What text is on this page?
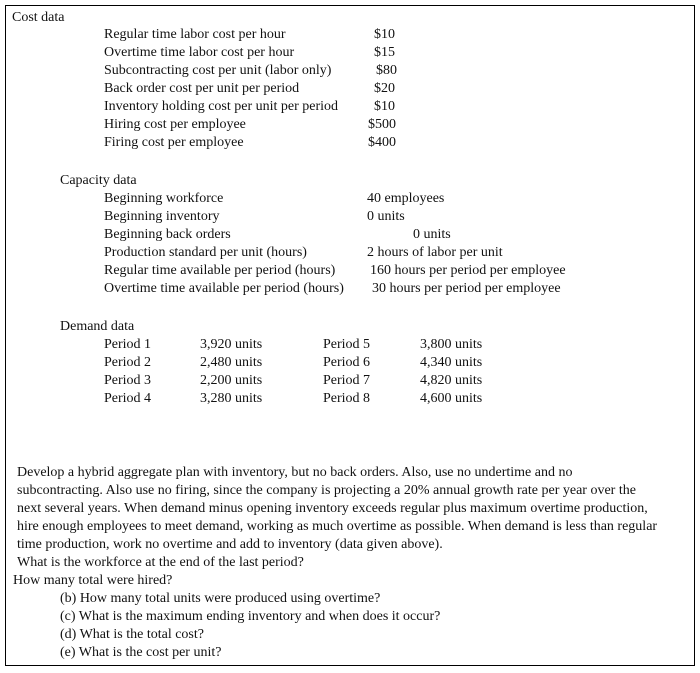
Cost data
Regular time labor cost per hour	$10
Overtime time labor cost per hour	$15
Subcontracting cost per unit (labor only)	$80
Back order cost per unit per period	$20
Inventory holding cost per unit per period	$10
Hiring cost per employee	$500
Firing cost per employee	$400
Capacity data
Beginning workforce	40 employees
Beginning inventory	0 units
Beginning back orders	0 units
Production standard per unit (hours)	2 hours of labor per unit
Regular time available per period (hours) 160 hours per period per employee
Overtime time available per period (hours) 30 hours per period per employee
Demand data
Period 1	3,920 units	Period 5	3,800 units
Period 2	2,480 units	Period 6	4,340 units
Period 3	2,200 units	Period 7	4,820 units
Period 4	3,280 units	Period 8	4,600 units
Develop a hybrid aggregate plan with inventory, but no back orders. Also, use no undertime and no
subcontracting. Also use no firing, since the company is projecting a 20% annual growth rate per year over the
next several years. When demand minus opening inventory exceeds regular plus maximum overtime production,
hire enough employees to meet demand, working as much overtime as possible. When demand is less than regular
time production, work no overtime and add to inventory (data given above).
What is the workforce at the end of the last period?
How many total were hired?
(b) How many total units were produced using overtime?
(c) What is the maximum ending inventory and when does it occur?
(d) What is the total cost?
(e) What is the cost per unit?
